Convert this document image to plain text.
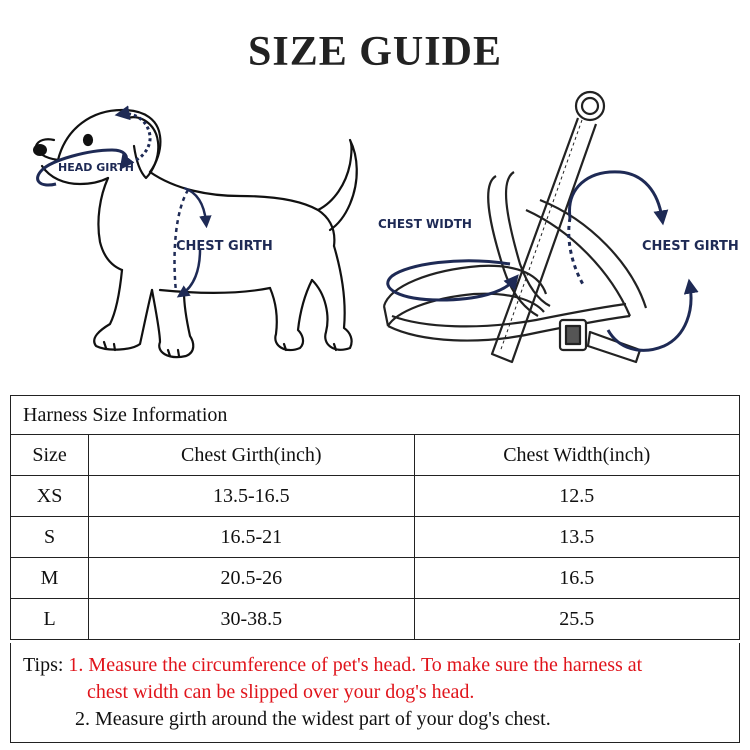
SIZE GUIDE
HEAD GIRTH
CHEST GIRTH
CHEST WIDTH
CHEST GIRTH
Harness Size Information		
Size	Chest Girth(inch)	Chest Width(inch)
XS	13.5-16.5	12.5
S	16.5-21	13.5
M	20.5-26	16.5
L	30-38.5	25.5
Tips: 1. Measure the circumference of pet's head. To make sure the harness at
chest width can be slipped over your dog's head.
2. Measure girth around the widest part of your dog's chest.
